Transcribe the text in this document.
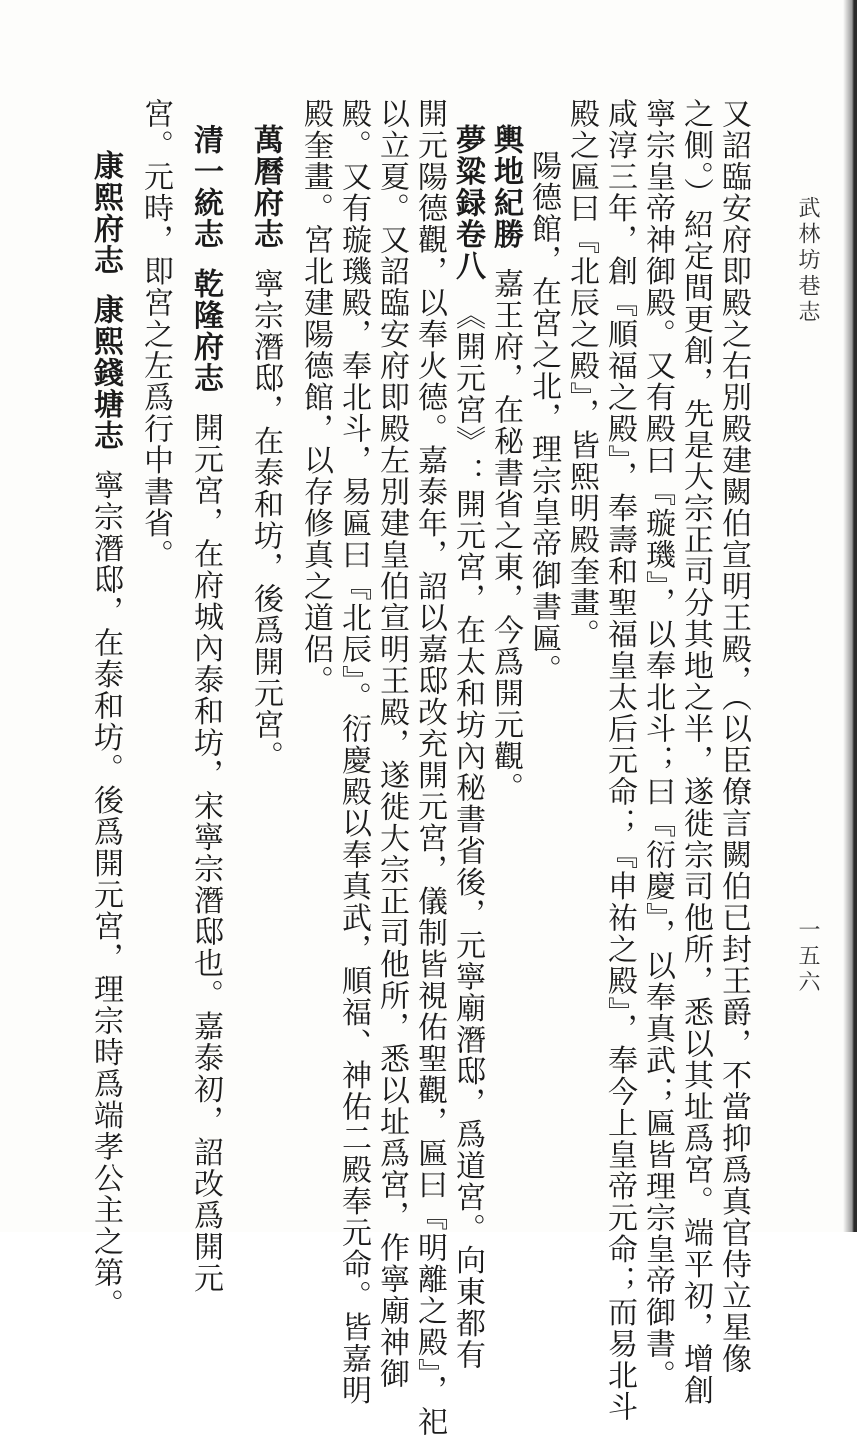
武林坊巷志
一五六
又詔臨安府即殿之右別殿建闕伯宣明王殿，（以臣僚言闕伯已封王爵，不當抑爲真官侍立星像
之側。）紹定間更創，先是大宗正司分其地之半，遂徙宗司他所，悉以其址爲宮。端平初，增創
寧宗皇帝神御殿。又有殿曰『璇璣』，以奉北斗；曰『衍慶』，以奉真武；匾皆理宗皇帝御書。
咸淳三年，創『順福之殿』，奉壽和聖福皇太后元命；『申祐之殿』，奉今上皇帝元命；而易北斗
殿之匾曰『北辰之殿』，皆熙明殿奎畫。
陽德館，在宮之北，理宗皇帝御書匾。
輿地紀勝嘉王府，在秘書省之東，今爲開元觀。
夢粱録卷八《開元宮》：開元宮，在太和坊內秘書省後，元寧廟潛邸，爲道宮。向東都有
開元陽德觀，以奉火德。嘉泰年，詔以嘉邸改充開元宮，儀制皆視佑聖觀，匾曰『明離之殿』，祀
以立夏。又詔臨安府即殿左別建皇伯宣明王殿，遂徙大宗正司他所，悉以址爲宮，作寧廟神御
殿。又有璇璣殿，奉北斗，易匾曰『北辰』。衍慶殿以奉真武，順福、神佑二殿奉元命。皆嘉明
殿奎畫。宮北建陽德館，以存修真之道侶。
萬曆府志寧宗潛邸，在泰和坊，後爲開元宮。
清一統志乾隆府志開元宮，在府城內泰和坊，宋寧宗潛邸也。嘉泰初，詔改爲開元
宮。元時，即宮之左爲行中書省。
康熙府志康熙錢塘志寧宗潛邸，在泰和坊。後爲開元宮，理宗時爲端孝公主之第。
